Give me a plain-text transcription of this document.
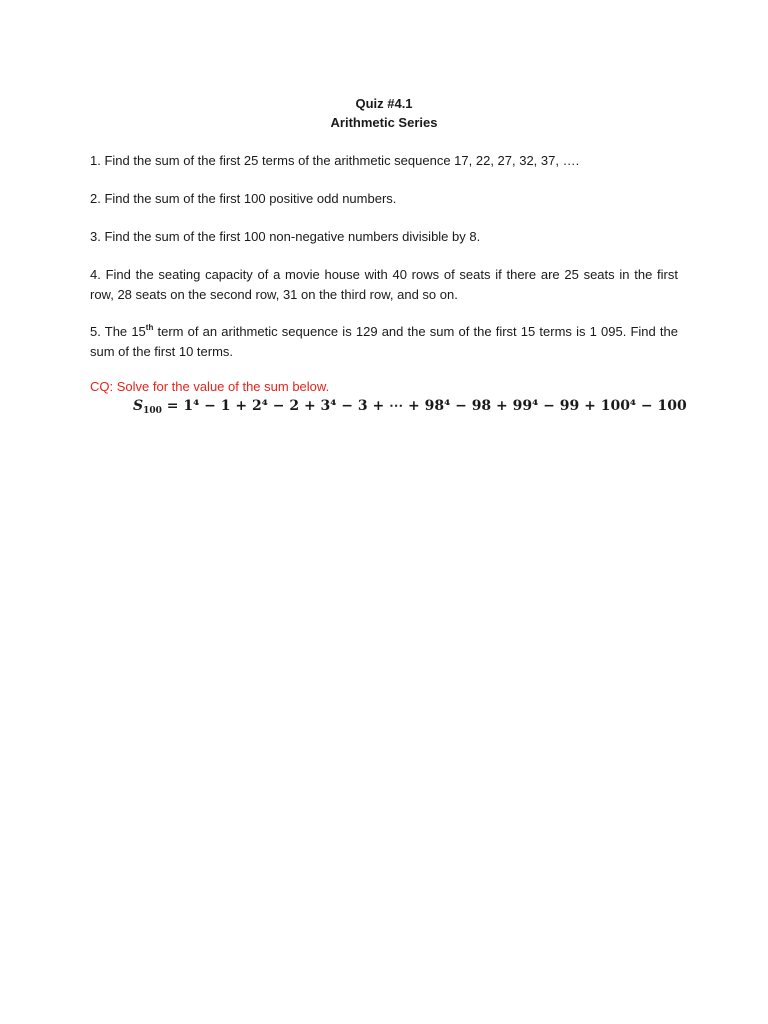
Quiz #4.1
Arithmetic Series
1. Find the sum of the first 25 terms of the arithmetic sequence 17, 22, 27, 32, 37, ….
2. Find the sum of the first 100 positive odd numbers.
3. Find the sum of the first 100 non-negative numbers divisible by 8.
4. Find the seating capacity of a movie house with 40 rows of seats if there are 25 seats in the first row, 28 seats on the second row, 31 on the third row, and so on.
5. The 15th term of an arithmetic sequence is 129 and the sum of the first 15 terms is 1 095. Find the sum of the first 10 terms.
CQ: Solve for the value of the sum below.
$S_{100} = 1^4 - 1 + 2^4 - 2 + 3^4 - 3$ + ⋯ + 98⁴ − 98 + 99⁴ − 99 + 100⁴ − 100
